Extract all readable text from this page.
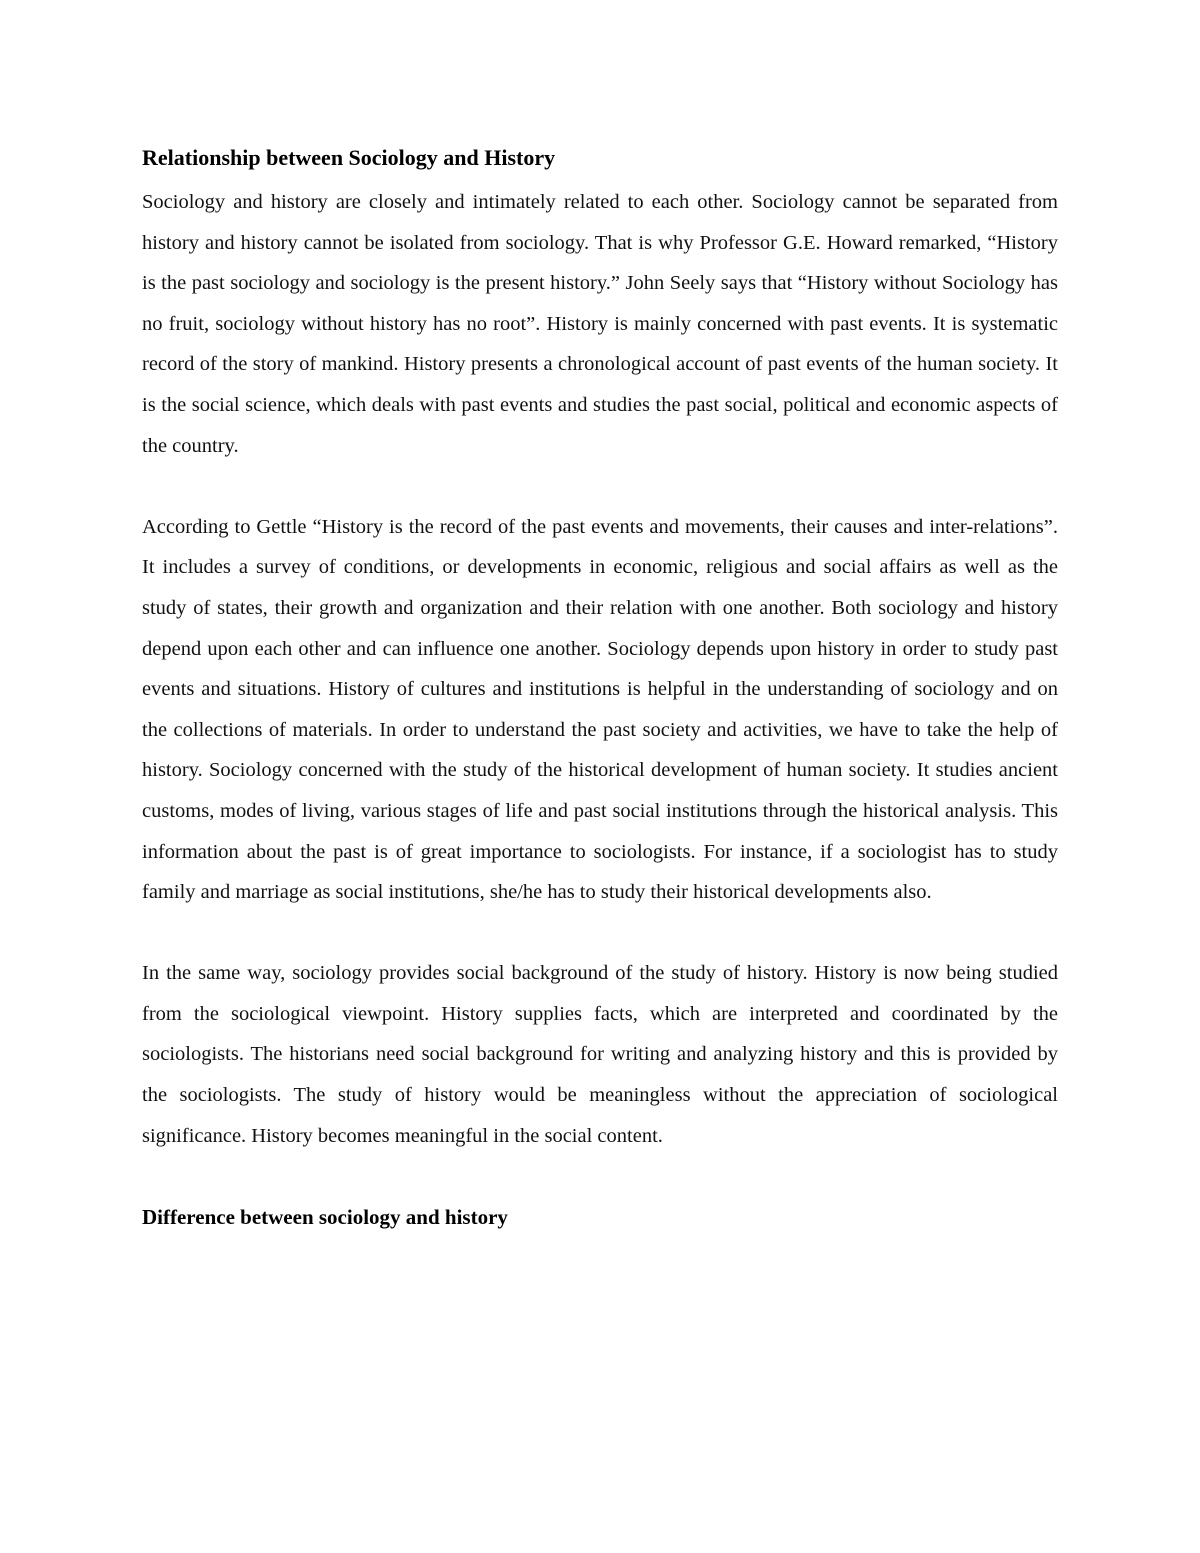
Relationship between Sociology and History

Sociology and history are closely and intimately related to each other. Sociology cannot be separated from history and history cannot be isolated from sociology. That is why Professor G.E. Howard remarked, “History is the past sociology and sociology is the present history.” John Seely says that “History without Sociology has no fruit, sociology without history has no root”. History is mainly concerned with past events. It is systematic record of the story of mankind. History presents a chronological account of past events of the human society. It is the social science, which deals with past events and studies the past social, political and economic aspects of the country.

According to Gettle “History is the record of the past events and movements, their causes and inter-relations”. It includes a survey of conditions, or developments in economic, religious and social affairs as well as the study of states, their growth and organization and their relation with one another. Both sociology and history depend upon each other and can influence one another. Sociology depends upon history in order to study past events and situations. History of cultures and institutions is helpful in the understanding of sociology and on the collections of materials. In order to understand the past society and activities, we have to take the help of history. Sociology concerned with the study of the historical development of human society. It studies ancient customs, modes of living, various stages of life and past social institutions through the historical analysis. This information about the past is of great importance to sociologists. For instance, if a sociologist has to study family and marriage as social institutions, she/he has to study their historical developments also.

In the same way, sociology provides social background of the study of history. History is now being studied from the sociological viewpoint. History supplies facts, which are interpreted and coordinated by the sociologists. The historians need social background for writing and analyzing history and this is provided by the sociologists. The study of history would be meaningless without the appreciation of sociological significance. History becomes meaningful in the social content.

Difference between sociology and history
